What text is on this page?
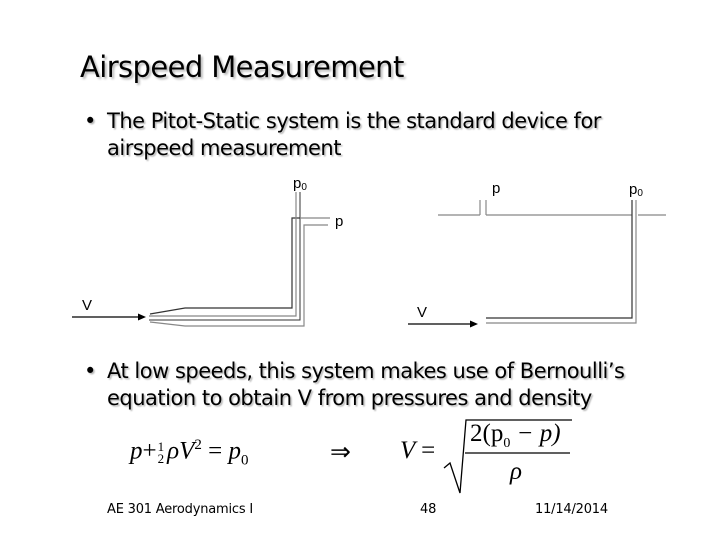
Airspeed Measurement
• The Pitot-Static system is the standard device for
airspeed measurement
$p_0$
p
V
p	$p_0$
V
• At low speeds, this system makes use of Bernoulli’s
equation to obtain V from pressures and density
p+ 1
2 $\rho V^2 = p_0$	⇒ V =
$2(p_0 - p)$
ρ
AE 301 Aerodynamics I	48	11/14/2014
